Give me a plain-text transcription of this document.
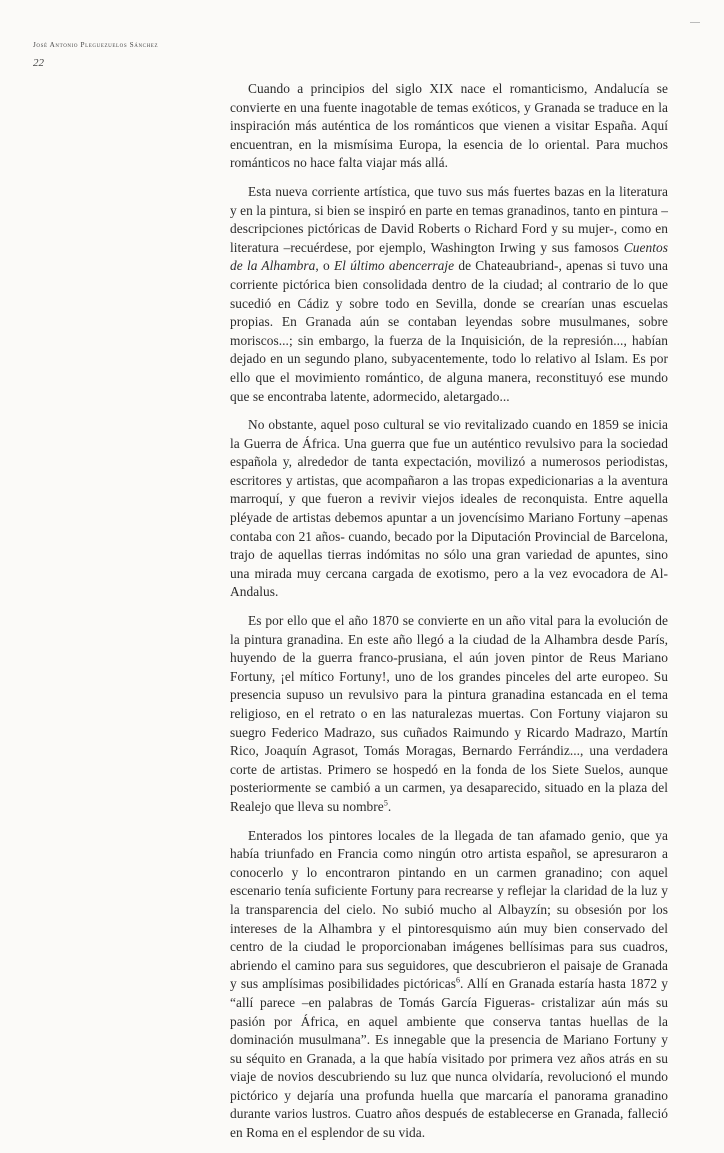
José Antonio Pleguezuelos Sánchez
22

Cuando a principios del siglo XIX nace el romanticismo, Andalucía se convierte en una fuente inagotable de temas exóticos, y Granada se traduce en la inspiración más auténtica de los románticos que vienen a visitar España. Aquí encuentran, en la mismísima Europa, la esencia de lo oriental. Para muchos románticos no hace falta viajar más allá.

Esta nueva corriente artística, que tuvo sus más fuertes bazas en la literatura y en la pintura, si bien se inspiró en parte en temas granadinos, tanto en pintura –descripciones pictóricas de David Roberts o Richard Ford y su mujer-, como en literatura –recuérdese, por ejemplo, Washington Irwing y sus famosos Cuentos de la Alhambra, o El último abencerraje de Chateaubriand-, apenas si tuvo una corriente pictórica bien consolidada dentro de la ciudad; al contrario de lo que sucedió en Cádiz y sobre todo en Sevilla, donde se crearían unas escuelas propias. En Granada aún se contaban leyendas sobre musulmanes, sobre moriscos...; sin embargo, la fuerza de la Inquisición, de la represión..., habían dejado en un segundo plano, subyacentemente, todo lo relativo al Islam. Es por ello que el movimiento romántico, de alguna manera, reconstituyó ese mundo que se encontraba latente, adormecido, aletargado...

No obstante, aquel poso cultural se vio revitalizado cuando en 1859 se inicia la Guerra de África. Una guerra que fue un auténtico revulsivo para la sociedad española y, alrededor de tanta expectación, movilizó a numerosos periodistas, escritores y artistas, que acompañaron a las tropas expedicionarias a la aventura marroquí, y que fueron a revivir viejos ideales de reconquista. Entre aquella pléyade de artistas debemos apuntar a un jovencísimo Mariano Fortuny –apenas contaba con 21 años- cuando, becado por la Diputación Provincial de Barcelona, trajo de aquellas tierras indómitas no sólo una gran variedad de apuntes, sino una mirada muy cercana cargada de exotismo, pero a la vez evocadora de Al-Andalus.

Es por ello que el año 1870 se convierte en un año vital para la evolución de la pintura granadina. En este año llegó a la ciudad de la Alhambra desde París, huyendo de la guerra franco-prusiana, el aún joven pintor de Reus Mariano Fortuny, ¡el mítico Fortuny!, uno de los grandes pinceles del arte europeo. Su presencia supuso un revulsivo para la pintura granadina estancada en el tema religioso, en el retrato o en las naturalezas muertas. Con Fortuny viajaron su suegro Federico Madrazo, sus cuñados Raimundo y Ricardo Madrazo, Martín Rico, Joaquín Agrasot, Tomás Moragas, Bernardo Ferrándiz..., una verdadera corte de artistas. Primero se hospedó en la fonda de los Siete Suelos, aunque posteriormente se cambió a un carmen, ya desaparecido, situado en la plaza del Realejo que lleva su nombre$^5$.

Enterados los pintores locales de la llegada de tan afamado genio, que ya había triunfado en Francia como ningún otro artista español, se apresuraron a conocerlo y lo encontraron pintando en un carmen granadino; con aquel escenario tenía suficiente Fortuny para recrearse y reflejar la claridad de la luz y la transparencia del cielo. No subió mucho al Albayzín; su obsesión por los intereses de la Alhambra y el pintoresquismo aún muy bien conservado del centro de la ciudad le proporcionaban imágenes bellísimas para sus cuadros, abriendo el camino para sus seguidores, que descubrieron el paisaje de Granada y sus amplísimas posibilidades pictóricas$^6$. Allí en Granada estaría hasta 1872 y “allí parece –en palabras de Tomás García Figueras- cristalizar aún más su pasión por África, en aquel ambiente que conserva tantas huellas de la dominación musulmana”. Es innegable que la presencia de Mariano Fortuny y su séquito en Granada, a la que había visitado por primera vez años atrás en su viaje de novios descubriendo su luz que nunca olvidaría, revolucionó el mundo pictórico y dejaría una profunda huella que marcaría el panorama granadino durante varios lustros. Cuatro años después de establecerse en Granada, falleció en Roma en el esplendor de su vida.
